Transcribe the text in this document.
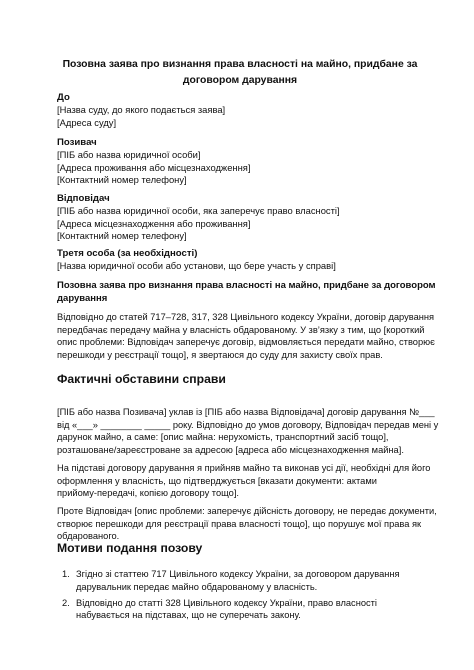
Позовна заява про визнання права власності на майно, придбане за
договором дарування
До
[Назва суду, до якого подається заява]
[Адреса суду]
Позивач
[ПІБ або назва юридичної особи]
[Адреса проживання або місцезнаходження]
[Контактний номер телефону]
Відповідач
[ПІБ або назва юридичної особи, яка заперечує право власності]
[Адреса місцезнаходження або проживання]
[Контактний номер телефону]
Третя особа (за необхідності)
[Назва юридичної особи або установи, що бере участь у справі]
Позовна заява про визнання права власності на майно, придбане за договором
дарування
Відповідно до статей 717–728, 317, 328 Цивільного кодексу України, договір дарування
передбачає передачу майна у власність обдарованому. У зв’язку з тим, що [короткий
опис проблеми: Відповідач заперечує договір, відмовляється передати майно, створює
перешкоди у реєстрації тощо], я звертаюся до суду для захисту своїх прав.
Фактичні обставини справи
[ПІБ або назва Позивача] уклав із [ПІБ або назва Відповідача] договір дарування №___
від «___» ________ _____ року. Відповідно до умов договору, Відповідач передав мені у
дарунок майно, а саме: [опис майна: нерухомість, транспортний засіб тощо],
розташоване/зареєстроване за адресою [адреса або місцезнаходження майна].
На підставі договору дарування я прийняв майно та виконав усі дії, необхідні для його
оформлення у власність, що підтверджується [вказати документи: актами
прийому-передачі, копією договору тощо].
Проте Відповідач [опис проблеми: заперечує дійсність договору, не передає документи,
створює перешкоди для реєстрації права власності тощо], що порушує мої права як
обдарованого.
Мотиви подання позову
1. Згідно зі статтею 717 Цивільного кодексу України, за договором дарування
дарувальник передає майно обдарованому у власність.
2. Відповідно до статті 328 Цивільного кодексу України, право власності
набувається на підставах, що не суперечать закону.
